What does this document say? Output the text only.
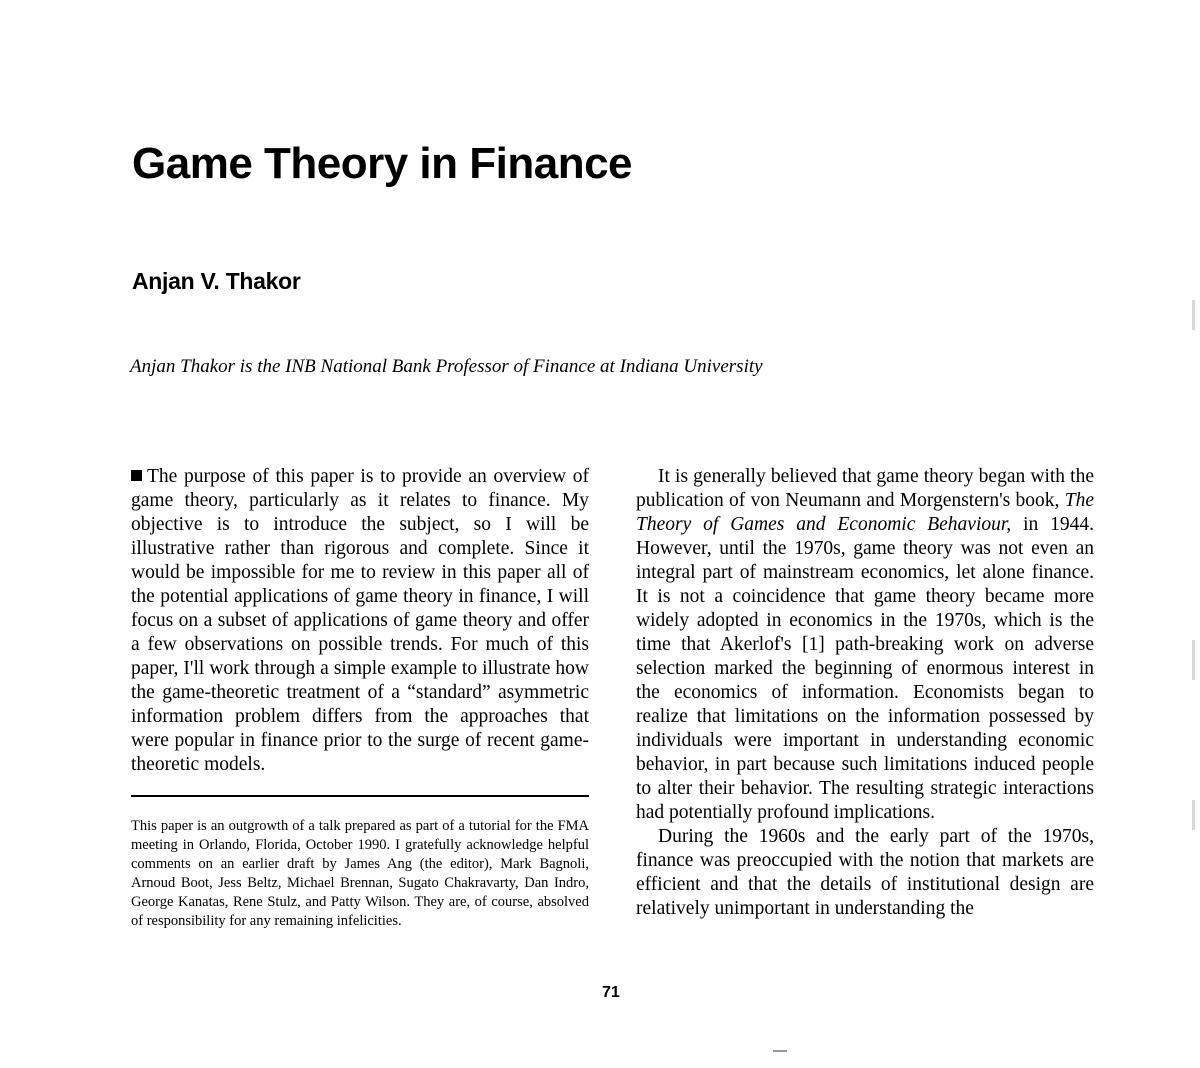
Game Theory in Finance
Anjan V. Thakor

Anjan Thakor is the INB National Bank Professor of Finance at Indiana University

The purpose of this paper is to provide an overview of game theory, particularly as it relates to finance. My objective is to introduce the subject, so I will be illustrative rather than rigorous and complete. Since it would be impossible for me to review in this paper all of the potential applications of game theory in finance, I will focus on a subset of applications of game theory and offer a few observations on possible trends. For much of this paper, I'll work through a simple example to illustrate how the game-theoretic treatment of a “standard” asymmetric information problem differs from the approaches that were popular in finance prior to the surge of recent game-theoretic models.

This paper is an outgrowth of a talk prepared as part of a tutorial for the FMA meeting in Orlando, Florida, October 1990. I gratefully acknowledge helpful comments on an earlier draft by James Ang (the editor), Mark Bagnoli, Arnoud Boot, Jess Beltz, Michael Brennan, Sugato Chakravarty, Dan Indro, George Kanatas, Rene Stulz, and Patty Wilson. They are, of course, absolved of responsibility for any remaining infelicities.

It is generally believed that game theory began with the publication of von Neumann and Morgenstern's book, The Theory of Games and Economic Behaviour, in 1944. However, until the 1970s, game theory was not even an integral part of mainstream economics, let alone finance. It is not a coincidence that game theory became more widely adopted in economics in the 1970s, which is the time that Akerlof's [1] path-breaking work on adverse selection marked the beginning of enormous interest in the economics of information. Economists began to realize that limitations on the information possessed by individuals were important in understanding economic behavior, in part because such limitations induced people to alter their behavior. The resulting strategic interactions had potentially profound implications.

During the 1960s and the early part of the 1970s, finance was preoccupied with the notion that markets are efficient and that the details of institutional design are relatively unimportant in understanding the

71
